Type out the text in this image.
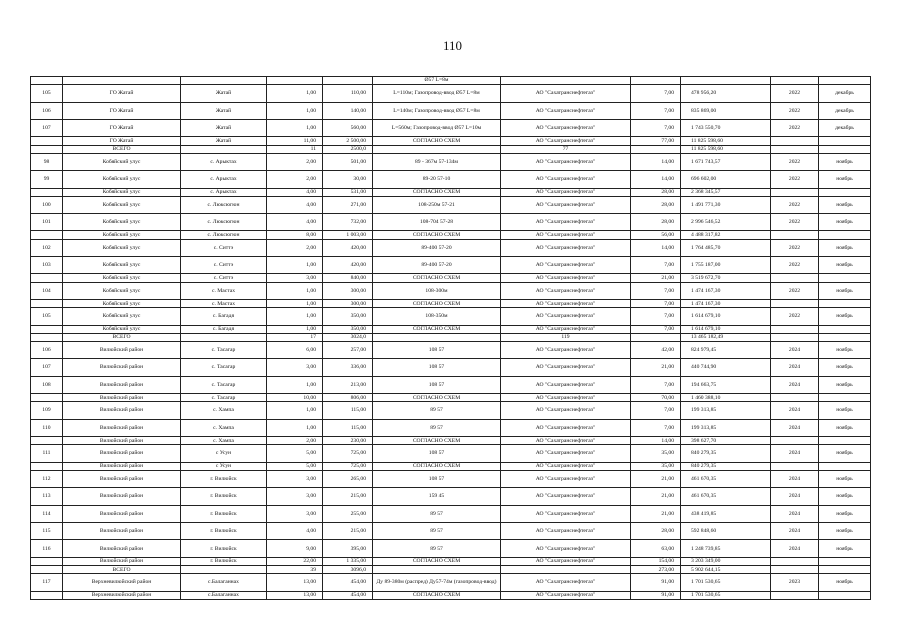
110
					Ø57 L=8м					
105	ГО Жатай	Жатай	1,00	110,00	L=110м; Газопровод-ввод Ø57 L=8м	АО "Сахатранснефтегаз"	7,00	478 956,20	2022	декабрь
106	ГО Жатай	Жатай	1,00	140,00	L=140м; Газопровод-ввод Ø57 L=8м	АО "Сахатранснефтегаз"	7,00	835 869,00	2022	декабрь
107	ГО Жатай	Жатай	1,00	560,00	L=560м; Газопровод-ввод Ø57 L=10м	АО "Сахатранснефтегаз"	7,00	1 743 550,70	2022	декабрь
	ГО Жатай	Жатай	11,00	2 500,00	СОГЛАСНО СХЕМ	АО "Сахатранснефтегаз"	77,00	11 825 598,60		
	ВСЕГО		11	2500,0		77		11 825 598,60		
98	Кобяйский улус	с. Арыктах	2,00	501,00	89 - 367м 57-134м	АО "Сахатранснефтегаз"	14,00	1 671 743,57	2022	ноябрь
99	Кобяйский улус	с. Арыктах	2,00	30,00	89-20 57-10	АО "Сахатранснефтегаз"	14,00	696 602,00	2022	ноябрь
	Кобяйский улус	с. Арыктах	4,00	531,00	СОГЛАСНО СХЕМ	АО "Сахатранснефтегаз"	28,00	2 368 345,57		
100	Кобяйский улус	с. Люксюгюн	4,00	271,00	108-250м 57-21	АО "Сахатранснефтегаз"	28,00	1 491 771,30	2022	ноябрь
101	Кобяйский улус	с. Люксюгюн	4,00	732,00	108-704 57-28	АО "Сахатранснефтегаз"	28,00	2 996 546,52	2022	ноябрь
	Кобяйский улус	с. Люксюгюн	8,00	1 003,00	СОГЛАСНО СХЕМ	АО "Сахатранснефтегаз"	56,00	4 488 317,82		
102	Кобяйский улус	с. Ситтэ	2,00	420,00	89-400 57-20	АО "Сахатранснефтегаз"	14,00	1 764 485,70	2022	ноябрь
103	Кобяйский улус	с. Ситтэ	1,00	420,00	89-400 57-20	АО "Сахатранснефтегаз"	7,00	1 755 187,00	2022	ноябрь
	Кобяйский улус	с. Ситтэ	3,00	840,00	СОГЛАСНО СХЕМ	АО "Сахатранснефтегаз"	21,00	3 519 672,70		
104	Кобяйский улус	с. Мастах	1,00	300,00	108-300м	АО "Сахатранснефтегаз"	7,00	1 474 167,30	2022	ноябрь
	Кобяйский улус	с. Мастах	1,00	300,00	СОГЛАСНО СХЕМ	АО "Сахатранснефтегаз"	7,00	1 474 167,30		
105	Кобяйский улус	с. Багадя	1,00	350,00	108-350м	АО "Сахатранснефтегаз"	7,00	1 614 679,10	2022	ноябрь
	Кобяйский улус	с. Багадя	1,00	350,00	СОГЛАСНО СХЕМ	АО "Сахатранснефтегаз"	7,00	1 614 679,10		
	ВСЕГО		17	3024,0		119		13 465 182,49		
106	Вилюйский район	с. Тасагар	6,00	257,00	108 57	АО "Сахатранснефтегаз"	42,00	824 979,45	2024	ноябрь
107	Вилюйский район	с. Тасагар	3,00	336,00	108 57	АО "Сахатранснефтегаз"	21,00	440 744,90	2024	ноябрь
108	Вилюйский район	с. Тасагар	1,00	213,00	108 57	АО "Сахатранснефтегаз"	7,00	194 663,75	2024	ноябрь
	Вилюйский район	с. Тасагар	10,00	806,00	СОГЛАСНО СХЕМ	АО "Сахатранснефтегаз"	70,00	1 460 388,10		
109	Вилюйский район	с. Хампа	1,00	115,00	89 57	АО "Сахатранснефтегаз"	7,00	199 313,85	2024	ноябрь
110	Вилюйский район	с. Хампа	1,00	115,00	89 57	АО "Сахатранснефтегаз"	7,00	199 313,85	2024	ноябрь
	Вилюйский район	с. Хампа	2,00	230,00	СОГЛАСНО СХЕМ	АО "Сахатранснефтегаз"	14,00	398 627,70		
111	Вилюйский район	с Усун	5,00	725,00	108 57	АО "Сахатранснефтегаз"	35,00	840 279,35	2024	ноябрь
	Вилюйский район	с Усун	5,00	725,00	СОГЛАСНО СХЕМ	АО "Сахатранснефтегаз"	35,00	840 279,35		
112	Вилюйский район	г. Вилюйск	3,00	265,00	108 57	АО "Сахатранснефтегаз"	21,00	461 670,35	2024	ноябрь
113	Вилюйский район	г. Вилюйск	3,00	215,00	159 45	АО "Сахатранснефтегаз"	21,00	461 670,35	2024	ноябрь
114	Вилюйский район	г. Вилюйск	3,00	255,00	89 57	АО "Сахатранснефтегаз"	21,00	438 419,85	2024	ноябрь
115	Вилюйский район	г. Вилюйск	4,00	215,00	89 57	АО "Сахатранснефтегаз"	28,00	592 848,60	2024	ноябрь
116	Вилюйский район	г. Вилюйск	9,00	395,00	89 57	АО "Сахатранснефтегаз"	63,00	1 248 739,85	2024	ноябрь
	Вилюйский район	г. Вилюйск	22,00	1 335,00	СОГЛАСНО СХЕМ	АО "Сахатранснефтегаз"	154,00	3 203 349,00		
	ВСЕГО		39	3096,0			273,00	5 902 644,15		
117	Верхневилюйский район	с.Балаганнах	13,00	454,00	Ду 89-380м (распред) Ду57-74м (газопровод-ввод)	АО "Сахатранснефтегаз"	91,00	1 701 530,65	2023	ноябрь
	Верхневилюйский район	с.Балаганнах	13,00	454,00	СОГЛАСНО СХЕМ	АО "Сахатранснефтегаз"	91,00	1 701 530,65		
